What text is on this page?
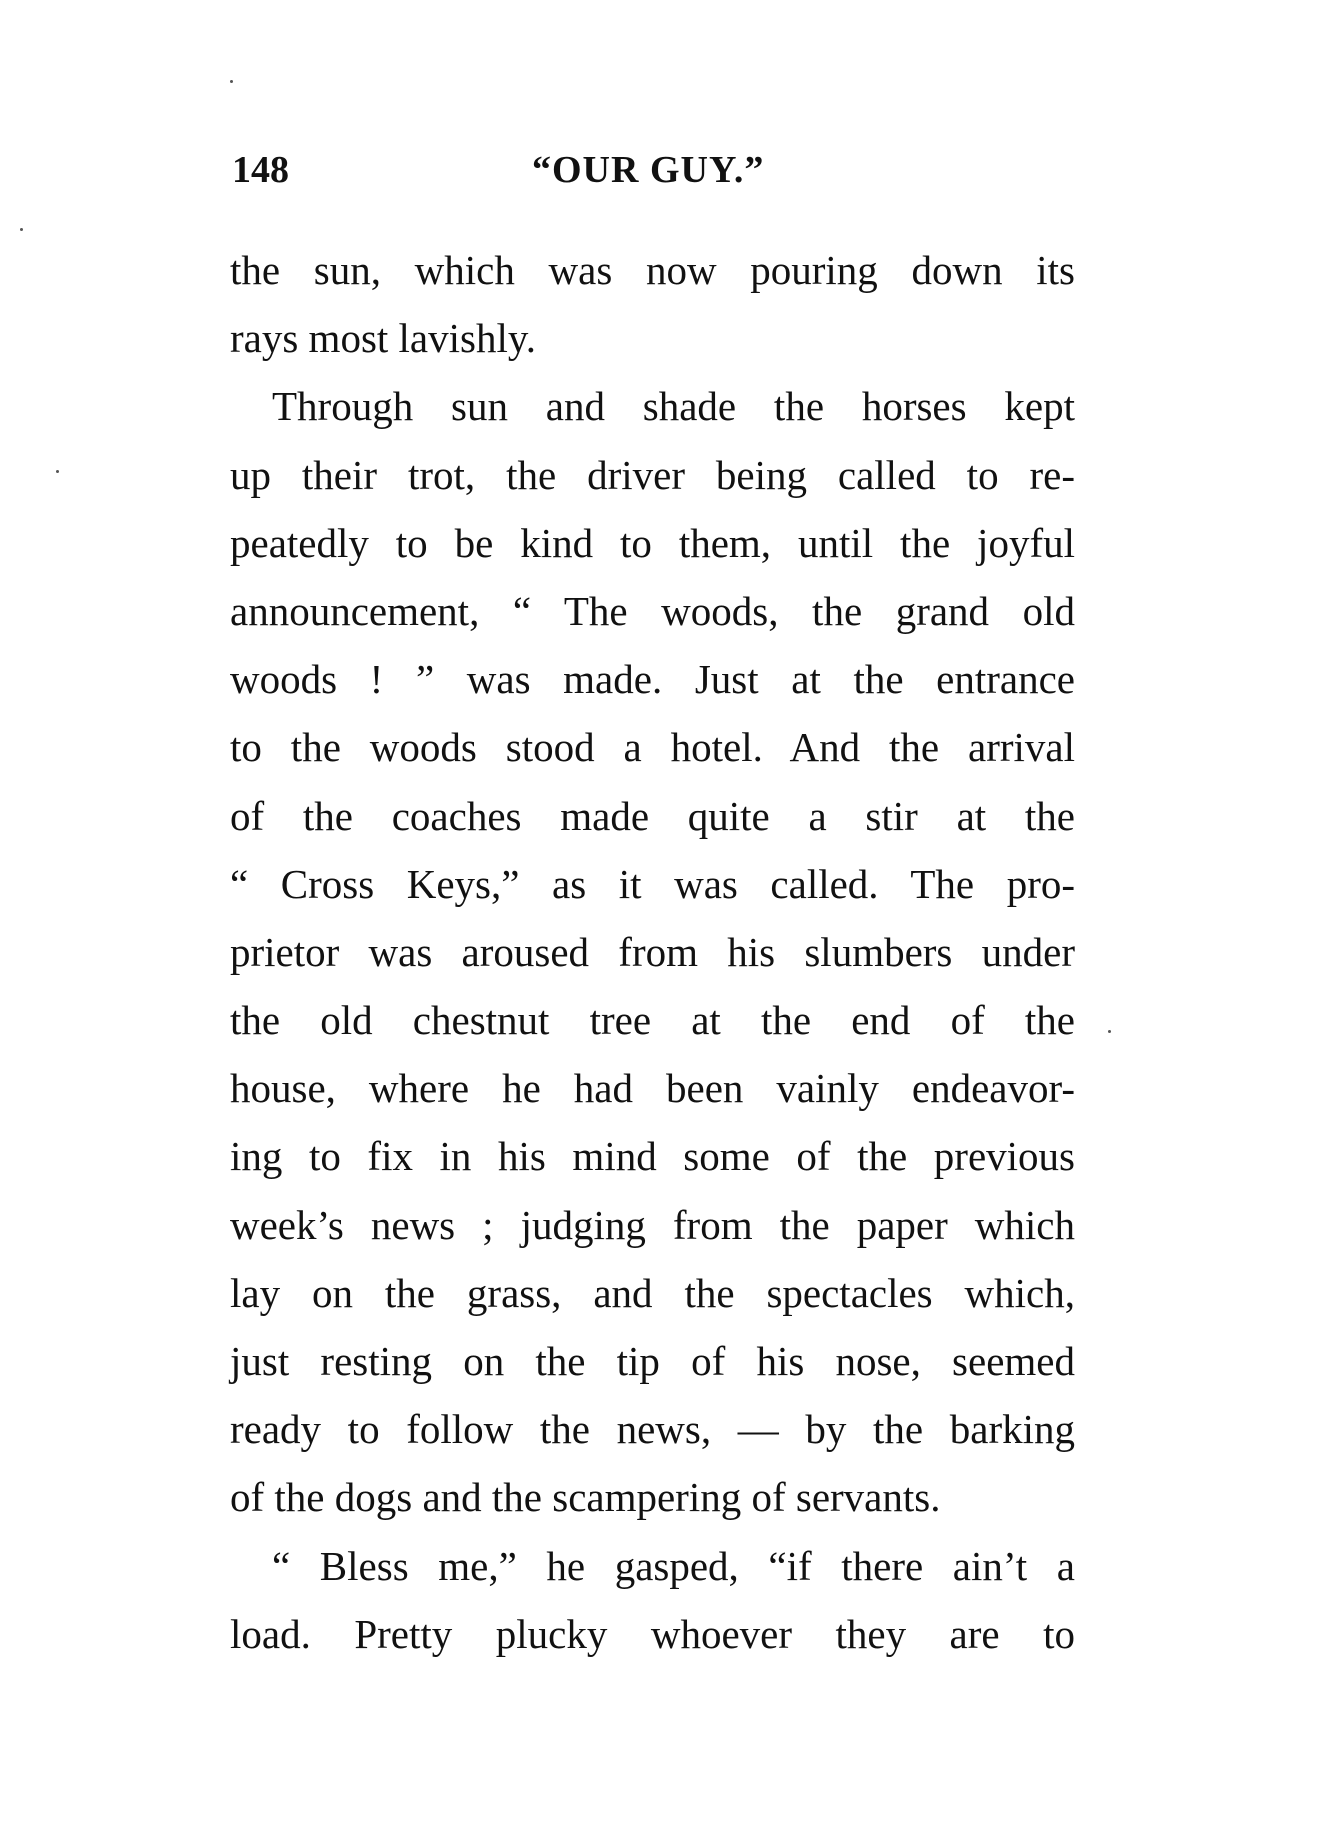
148	“OUR GUY.”
the sun, which was now pouring down its
rays most lavishly.
Through sun and shade the horses kept
up their trot, the driver being called to re-
peatedly to be kind to them, until the joyful
announcement, “ The woods, the grand old
woods ! ” was made. Just at the entrance
to the woods stood a hotel. And the arrival
of the coaches made quite a stir at the
“ Cross Keys,” as it was called. The pro-
prietor was aroused from his slumbers under
the old chestnut tree at the end of the
house, where he had been vainly endeavor-
ing to fix in his mind some of the previous
week’s news ; judging from the paper which
lay on the grass, and the spectacles which,
just resting on the tip of his nose, seemed
ready to follow the news, — by the barking
of the dogs and the scampering of servants.
“ Bless me,” he gasped, “if there ain’t a
load. Pretty plucky whoever they are to
